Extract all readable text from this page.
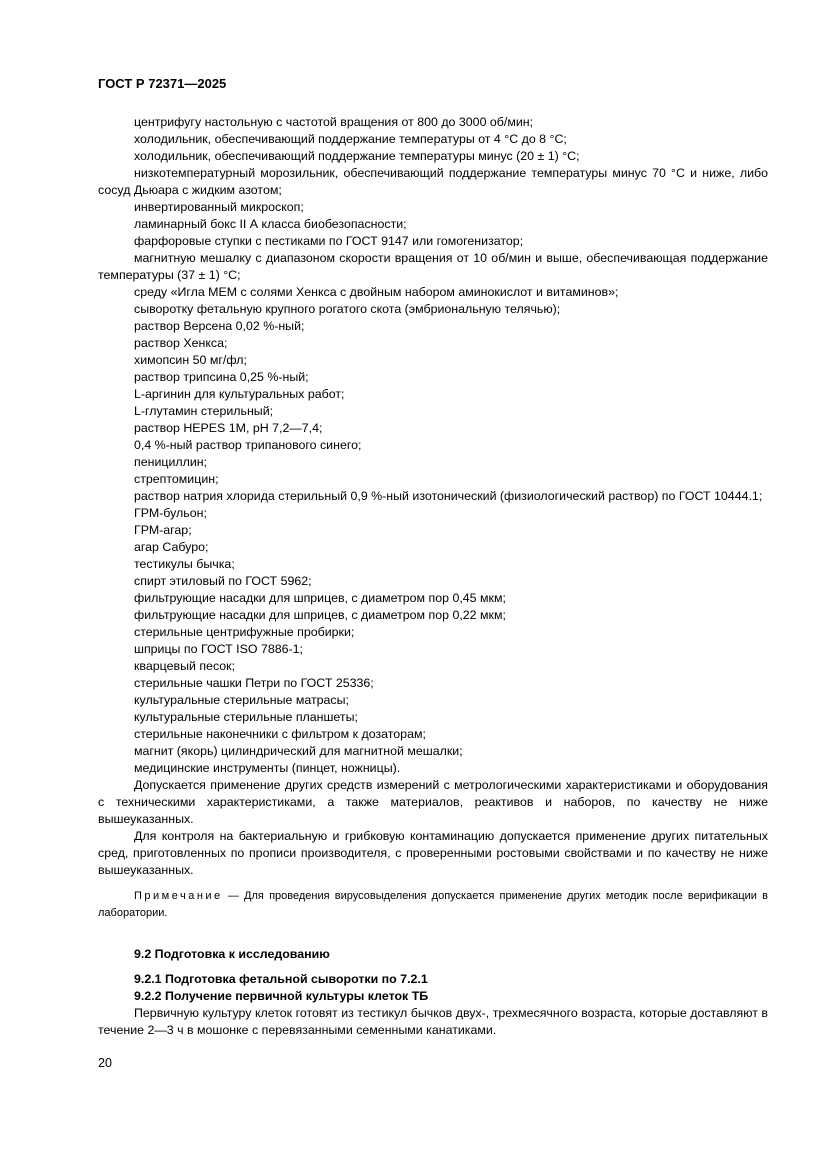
ГОСТ Р 72371—2025

центрифугу настольную с частотой вращения от 800 до 3000 об/мин;

холодильник, обеспечивающий поддержание температуры от 4 °С до 8 °С;

холодильник, обеспечивающий поддержание температуры минус (20 ± 1) °С;

низкотемпературный морозильник, обеспечивающий поддержание температуры минус 70 °С и ниже, либо сосуд Дьюара с жидким азотом;

инвертированный микроскоп;

ламинарный бокс II А класса биобезопасности;

фарфоровые ступки с пестиками по ГОСТ 9147 или гомогенизатор;

магнитную мешалку с диапазоном скорости вращения от 10 об/мин и выше, обеспечивающая поддержание температуры (37 ± 1) °С;

среду «Игла МЕМ с солями Хенкса с двойным набором аминокислот и витаминов»;

сыворотку фетальную крупного рогатого скота (эмбриональную телячью);

раствор Версена 0,02 %-ный;

раствор Хенкса;

химопсин 50 мг/фл;

раствор трипсина 0,25 %-ный;

L-аргинин для культуральных работ;

L-глутамин стерильный;

раствор HEPES 1M, pH 7,2—7,4;

0,4 %-ный раствор трипанового синего;

пенициллин;

стрептомицин;

раствор натрия хлорида стерильный 0,9 %-ный изотонический (физиологический раствор) по ГОСТ 10444.1;

ГРМ-бульон;

ГРМ-агар;

агар Сабуро;

тестикулы бычка;

спирт этиловый по ГОСТ 5962;

фильтрующие насадки для шприцев, с диаметром пор 0,45 мкм;

фильтрующие насадки для шприцев, с диаметром пор 0,22 мкм;

стерильные центрифужные пробирки;

шприцы по ГОСТ ISO 7886-1;

кварцевый песок;

стерильные чашки Петри по ГОСТ 25336;

культуральные стерильные матрасы;

культуральные стерильные планшеты;

стерильные наконечники с фильтром к дозаторам;

магнит (якорь) цилиндрический для магнитной мешалки;

медицинские инструменты (пинцет, ножницы).

Допускается применение других средств измерений с метрологическими характеристиками и оборудования с техническими характеристиками, а также материалов, реактивов и наборов, по качеству не ниже вышеуказанных.

Для контроля на бактериальную и грибковую контаминацию допускается применение других питательных сред, приготовленных по прописи производителя, с проверенными ростовыми свойствами и по качеству не ниже вышеуказанных.

Примечание — Для проведения вирусовыделения допускается применение других методик после верификации в лаборатории.

9.2 Подготовка к исследованию

9.2.1 Подготовка фетальной сыворотки по 7.2.1

9.2.2 Получение первичной культуры клеток ТБ

Первичную культуру клеток готовят из тестикул бычков двух-, трехмесячного возраста, которые доставляют в течение 2—3 ч в мошонке с перевязанными семенными канатиками.

20
